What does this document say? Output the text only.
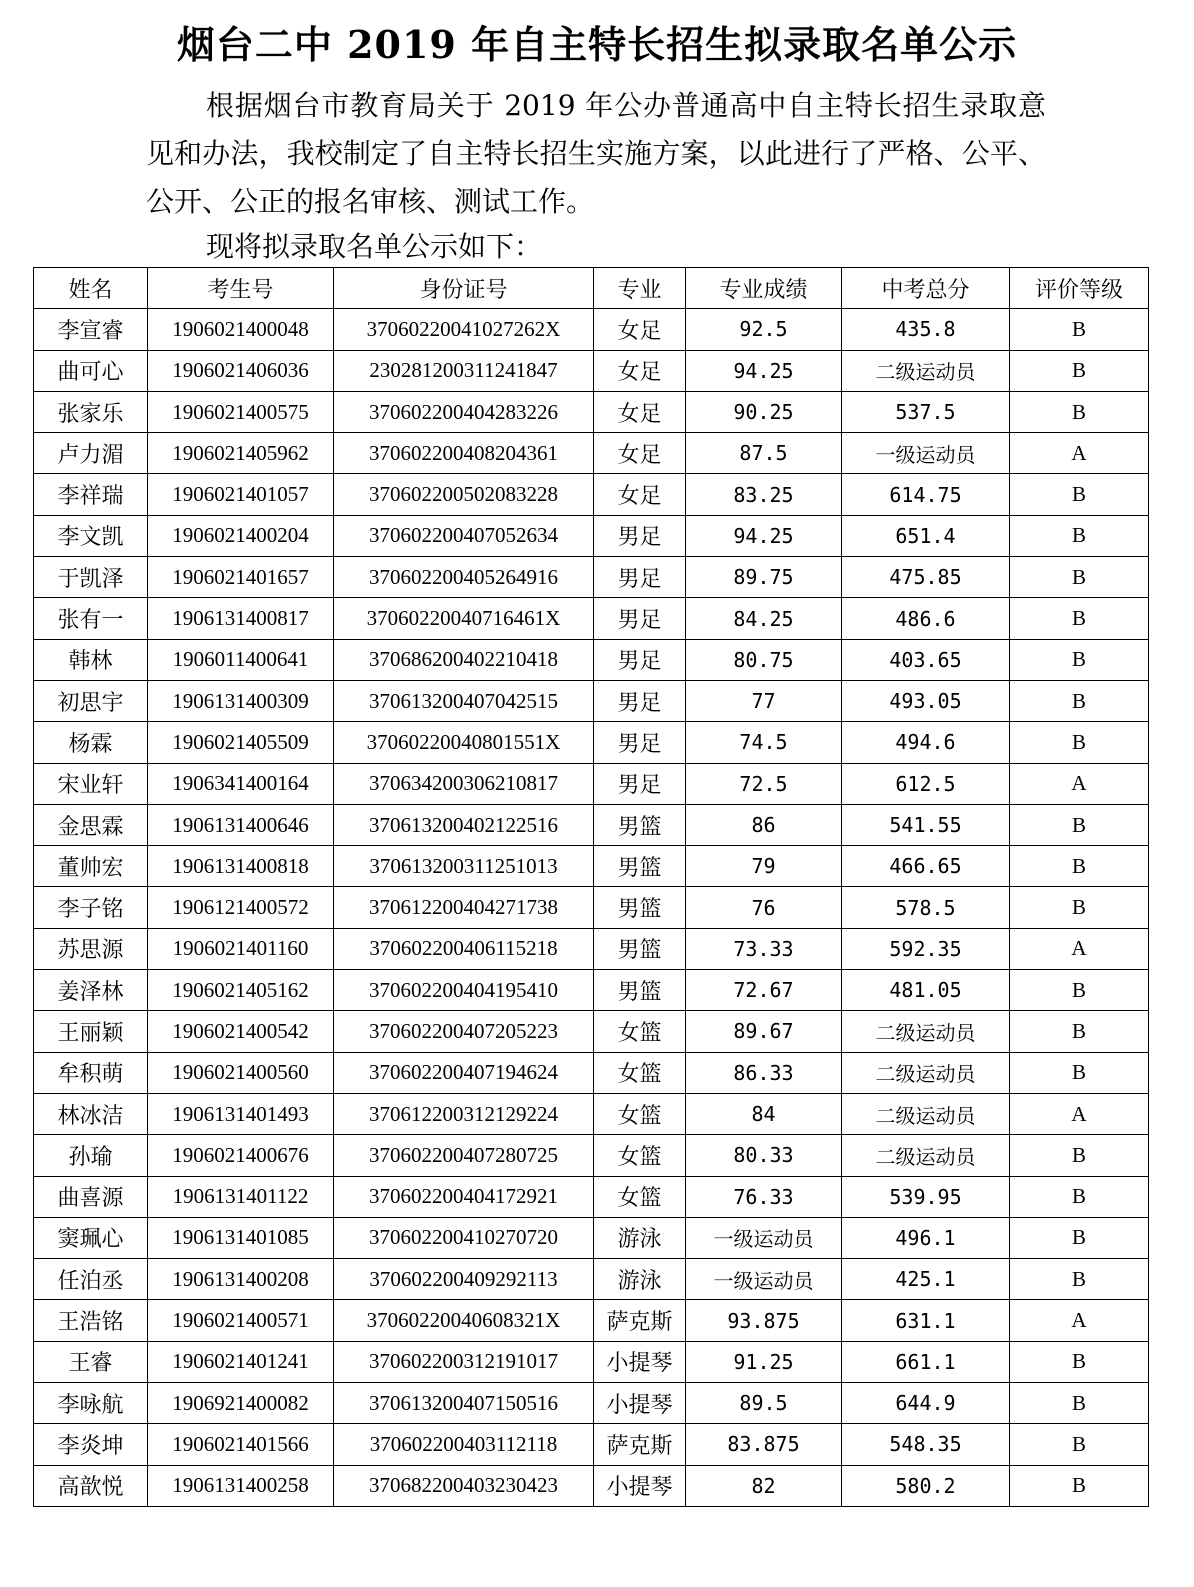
烟台二中 2019 年自主特长招生拟录取名单公示
根据烟台市教育局关于 2019 年公办普通高中自主特长招生录取意见和办法，我校制定了自主特长招生实施方案，以此进行了严格、公平、公开、公正的报名审核、测试工作。
现将拟录取名单公示如下：
姓名	考生号	身份证号	专业	专业成绩	中考总分	评价等级
李宣睿	1906021400048	37060220041027262X	女足	92.5	435.8	B
曲可心	1906021406036	230281200311241847	女足	94.25	二级运动员	B
张家乐	1906021400575	370602200404283226	女足	90.25	537.5	B
卢力湄	1906021405962	370602200408204361	女足	87.5	一级运动员	A
李祥瑞	1906021401057	370602200502083228	女足	83.25	614.75	B
李文凯	1906021400204	370602200407052634	男足	94.25	651.4	B
于凯泽	1906021401657	370602200405264916	男足	89.75	475.85	B
张有一	1906131400817	37060220040716461X	男足	84.25	486.6	B
韩林	1906011400641	370686200402210418	男足	80.75	403.65	B
初思宇	1906131400309	370613200407042515	男足	77	493.05	B
杨霖	1906021405509	37060220040801551X	男足	74.5	494.6	B
宋业轩	1906341400164	370634200306210817	男足	72.5	612.5	A
金思霖	1906131400646	370613200402122516	男篮	86	541.55	B
董帅宏	1906131400818	370613200311251013	男篮	79	466.65	B
李子铭	1906121400572	370612200404271738	男篮	76	578.5	B
苏思源	1906021401160	370602200406115218	男篮	73.33	592.35	A
姜泽林	1906021405162	370602200404195410	男篮	72.67	481.05	B
王丽颖	1906021400542	370602200407205223	女篮	89.67	二级运动员	B
牟积萌	1906021400560	370602200407194624	女篮	86.33	二级运动员	B
林冰洁	1906131401493	370612200312129224	女篮	84	二级运动员	A
孙瑜	1906021400676	370602200407280725	女篮	80.33	二级运动员	B
曲喜源	1906131401122	370602200404172921	女篮	76.33	539.95	B
窦珮心	1906131401085	370602200410270720	游泳	一级运动员	496.1	B
任泊丞	1906131400208	370602200409292113	游泳	一级运动员	425.1	B
王浩铭	1906021400571	37060220040608321X	萨克斯	93.875	631.1	A
王睿	1906021401241	370602200312191017	小提琴	91.25	661.1	B
李咏航	1906921400082	370613200407150516	小提琴	89.5	644.9	B
李炎坤	1906021401566	370602200403112118	萨克斯	83.875	548.35	B
高歆悦	1906131400258	370682200403230423	小提琴	82	580.2	B
